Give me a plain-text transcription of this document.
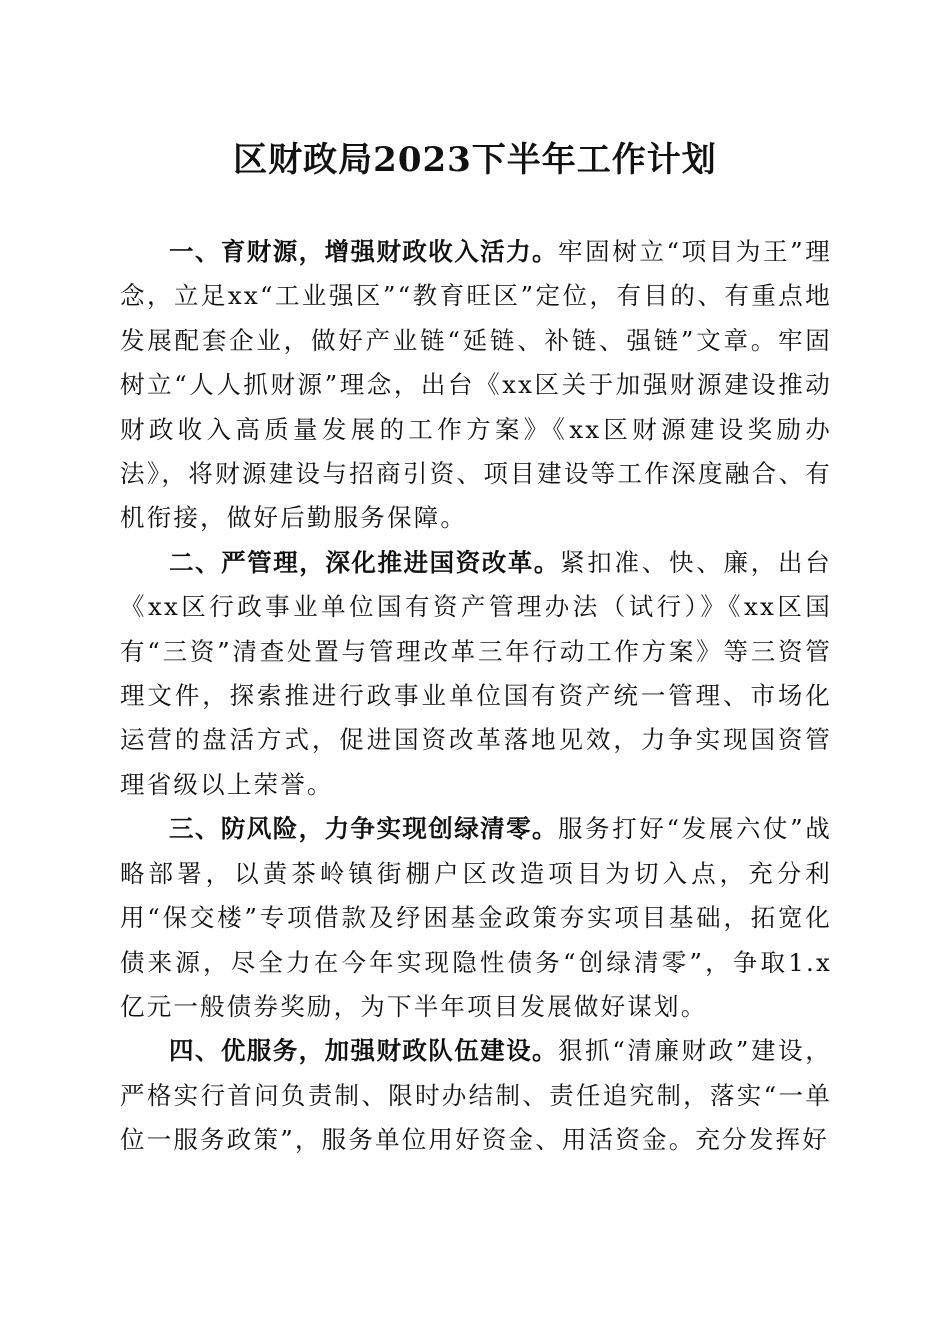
区财政局2023下半年工作计划

一、育财源，增强财政收入活力。牢固树立“项目为王”理念，立足xx“工业强区”“教育旺区”定位，有目的、有重点地发展配套企业，做好产业链“延链、补链、强链”文章。牢固树立“人人抓财源”理念，出台《xx区关于加强财源建设推动财政收入高质量发展的工作方案》《xx区财源建设奖励办法》，将财源建设与招商引资、项目建设等工作深度融合、有机衔接，做好后勤服务保障。

二、严管理，深化推进国资改革。紧扣准、快、廉，出台《xx区行政事业单位国有资产管理办法（试行）》《xx区国有“三资”清查处置与管理改革三年行动工作方案》等三资管理文件，探索推进行政事业单位国有资产统一管理、市场化运营的盘活方式，促进国资改革落地见效，力争实现国资管理省级以上荣誉。

三、防风险，力争实现创绿清零。服务打好“发展六仗”战略部署，以黄茶岭镇街棚户区改造项目为切入点，充分利用“保交楼”专项借款及纾困基金政策夯实项目基础，拓宽化债来源，尽全力在今年实现隐性债务“创绿清零”，争取1.x亿元一般债券奖励，为下半年项目发展做好谋划。

四、优服务，加强财政队伍建设。狠抓“清廉财政”建设，严格实行首问负责制、限时办结制、责任追究制，落实“一单位一服务政策”，服务单位用好资金、用活资金。充分发挥好
